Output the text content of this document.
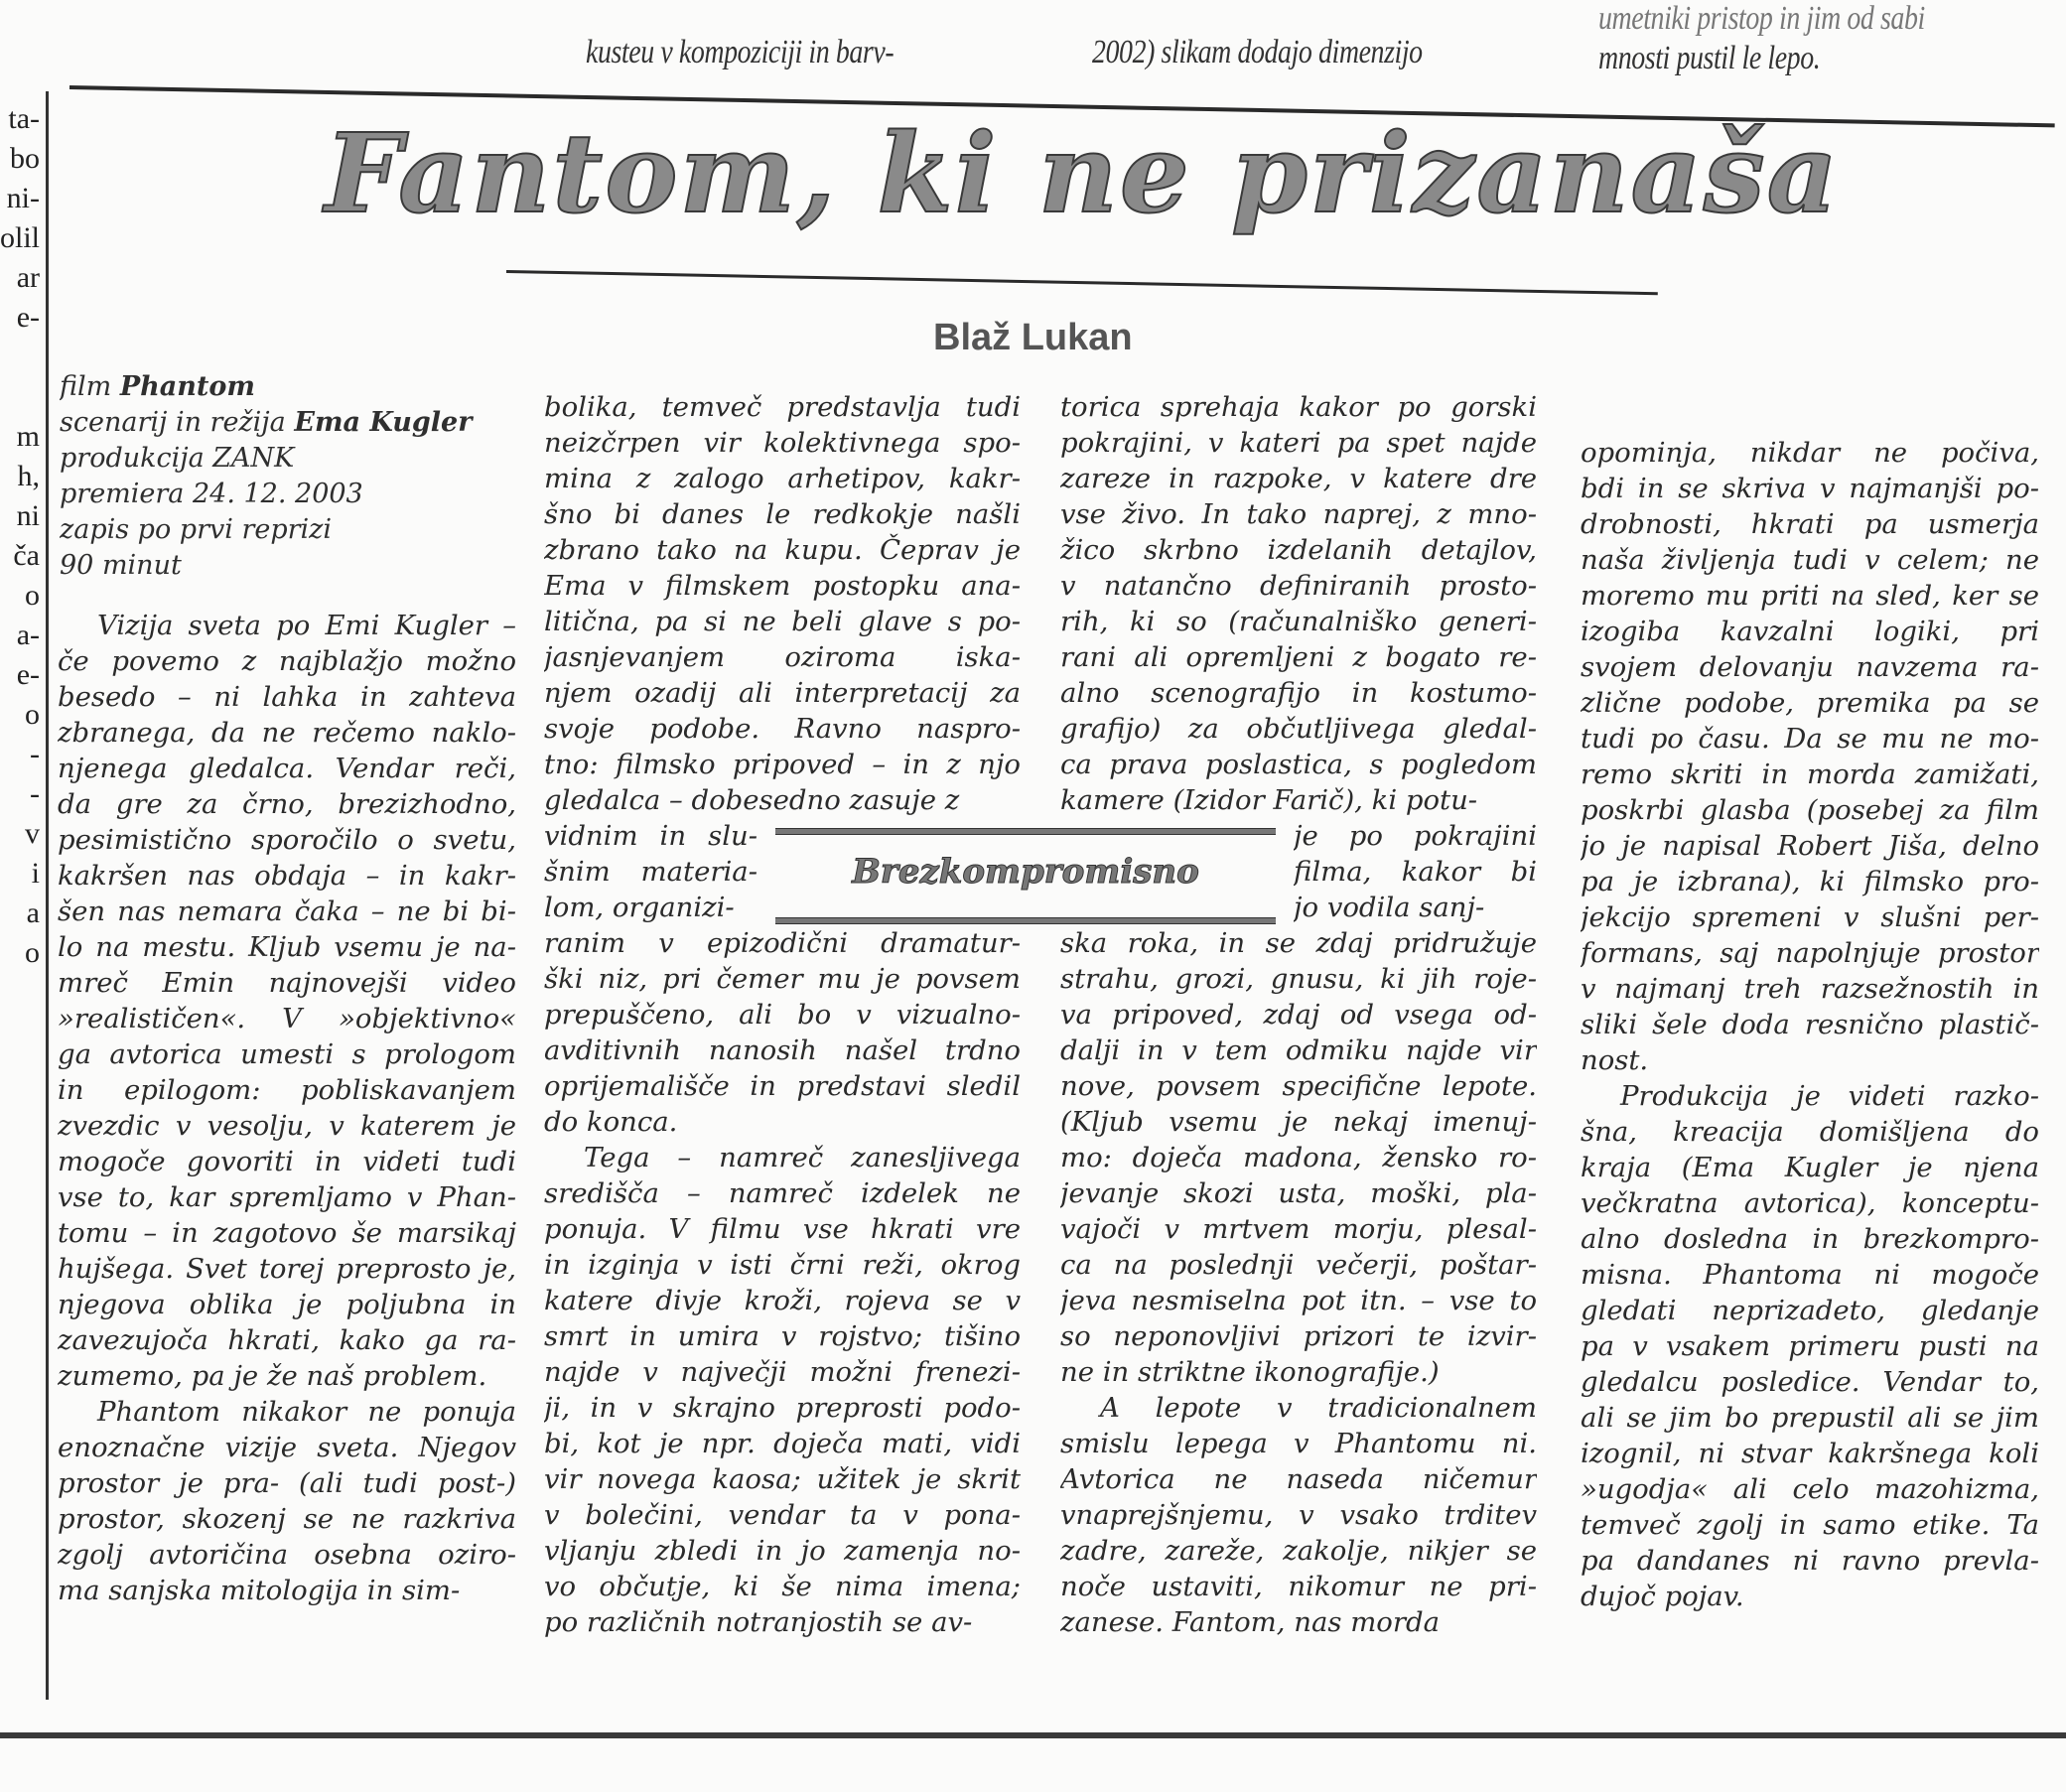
kusteu v kompoziciji in barv-
umetniki pristop in jim od sabi
2002) slikam dodajo dimenzijo	mnosti pustil le lepo.
ta-
bo
ni-
olil
ar
e-
m
h,
ni
ča
o
a-
e-
o
-
-
v
i
a
o
Fantom, ki ne prizanaša
Blaž Lukan
film Phantom
scenarij in režija Ema Kugler
produkcija ZANK
premiera 24. 12. 2003
zapis po prvi reprizi
90 minut

Vizija sveta po Emi Kugler –
če povemo z najblažjo možno
besedo – ni lahka in zahteva
zbranega, da ne rečemo naklo-
njenega gledalca. Vendar reči,
da gre za črno, brezizhodno,
pesimistično sporočilo o svetu,
kakršen nas obdaja – in kakr-
šen nas nemara čaka – ne bi bi-
lo na mestu. Kljub vsemu je na-
mreč Emin najnovejši video
»realističen«. V »objektivno«
ga avtorica umesti s prologom
in epilogom: pobliskavanjem
zvezdic v vesolju, v katerem je
mogoče govoriti in videti tudi
vse to, kar spremljamo v Phan-
tomu – in zagotovo še marsikaj
hujšega. Svet torej preprosto je,
njegova oblika je poljubna in
zavezujoča hkrati, kako ga ra-
zumemo, pa je že naš problem.

Phantom nikakor ne ponuja
enoznačne vizije sveta. Njegov
prostor je pra- (ali tudi post-)
prostor, skozenj se ne razkriva
zgolj avtoričina osebna oziro-
ma sanjska mitologija in sim-

bolika, temveč predstavlja tudi
neizčrpen vir kolektivnega spo-
mina z zalogo arhetipov, kakr-
šno bi danes le redkokje našli
zbrano tako na kupu. Čeprav je
Ema v filmskem postopku ana-
litična, pa si ne beli glave s po-
jasnjevanjem oziroma iska-
njem ozadij ali interpretacij za
svoje podobe. Ravno naspro-
tno: filmsko pripoved – in z njo
gledalca – dobesedno zasuje z

vidnim in slu-
šnim materia-
lom, organizi-

ranim v epizodični dramatur-
ški niz, pri čemer mu je povsem
prepuščeno, ali bo v vizualno-
avditivnih nanosih našel trdno
oprijemališče in predstavi sledil
do konca.

Tega – namreč zanesljivega
središča – namreč izdelek ne
ponuja. V filmu vse hkrati vre
in izginja v isti črni reži, okrog
katere divje kroži, rojeva se v
smrt in umira v rojstvo; tišino
najde v največji možni frenezi-
ji, in v skrajno preprosti podo-
bi, kot je npr. doječa mati, vidi
vir novega kaosa; užitek je skrit
v bolečini, vendar ta v pona-
vljanju zbledi in jo zamenja no-
vo občutje, ki še nima imena;
po različnih notranjostih se av-

torica sprehaja kakor po gorski
pokrajini, v kateri pa spet najde
zareze in razpoke, v katere dre
vse živo. In tako naprej, z mno-
žico skrbno izdelanih detajlov,
v natančno definiranih prosto-
rih, ki so (računalniško generi-
rani ali opremljeni z bogato re-
alno scenografijo in kostumo-
grafijo) za občutljivega gledal-
ca prava poslastica, s pogledom
kamere (Izidor Farič), ki potu-

je po pokrajini
filma, kakor bi
jo vodila sanj-

ska roka, in se zdaj pridružuje
strahu, grozi, gnusu, ki jih roje-
va pripoved, zdaj od vsega od-
dalji in v tem odmiku najde vir
nove, povsem specifične lepote.
(Kljub vsemu je nekaj imenuj-
mo: doječa madona, žensko ro-
jevanje skozi usta, moški, pla-
vajoči v mrtvem morju, plesal-
ca na poslednji večerji, poštar-
jeva nesmiselna pot itn. – vse to
so neponovljivi prizori te izvir-
ne in striktne ikonografije.)

A lepote v tradicionalnem
smislu lepega v Phantomu ni.
Avtorica ne naseda ničemur
vnaprejšnjemu, v vsako trditev
zadre, zareže, zakolje, nikjer se
noče ustaviti, nikomur ne pri-
zanese. Fantom, nas morda

opominja, nikdar ne počiva,
bdi in se skriva v najmanjši po-
drobnosti, hkrati pa usmerja
naša življenja tudi v celem; ne
moremo mu priti na sled, ker se
izogiba kavzalni logiki, pri
svojem delovanju navzema ra-
zlične podobe, premika pa se
tudi po času. Da se mu ne mo-
remo skriti in morda zamižati,
poskrbi glasba (posebej za film
jo je napisal Robert Jiša, delno
pa je izbrana), ki filmsko pro-
jekcijo spremeni v slušni per-
formans, saj napolnjuje prostor
v najmanj treh razsežnostih in
sliki šele doda resnično plastič-
nost.

Produkcija je videti razko-
šna, kreacija domišljena do
kraja (Ema Kugler je njena
večkratna avtorica), konceptu-
alno dosledna in brezkompro-
misna. Phantoma ni mogoče
gledati neprizadeto, gledanje
pa v vsakem primeru pusti na
gledalcu posledice. Vendar to,
ali se jim bo prepustil ali se jim
izognil, ni stvar kakršnega koli
»ugodja« ali celo mazohizma,
temveč zgolj in samo etike. Ta
pa dandanes ni ravno prevla-
dujoč pojav.

Brezkompromisno
